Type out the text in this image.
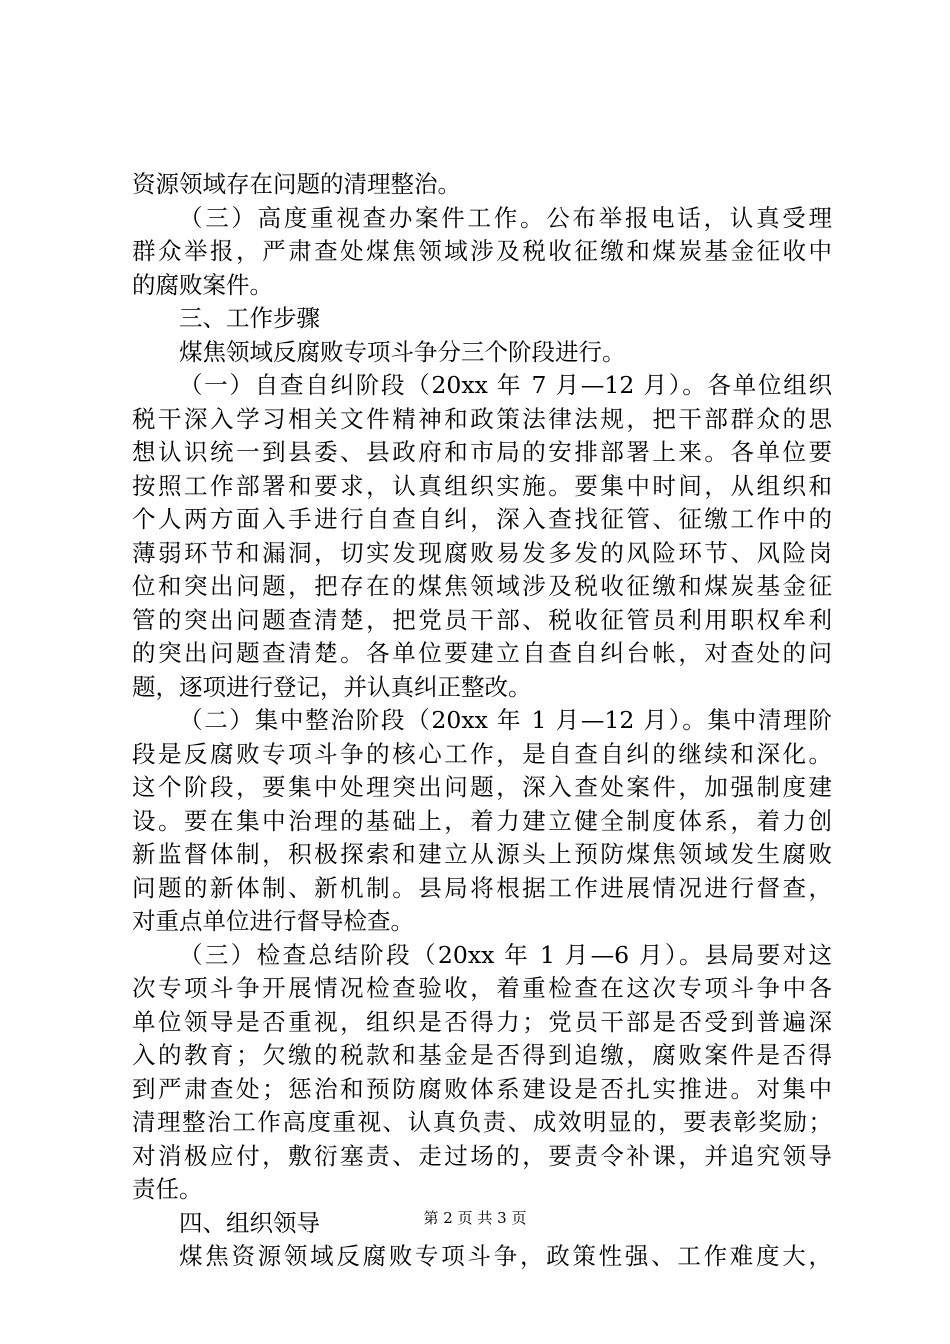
资源领域存在问题的清理整治。
（三）高度重视查办案件工作。公布举报电话，认真受理
群众举报，严肃查处煤焦领域涉及税收征缴和煤炭基金征收中
的腐败案件。
三、工作步骤
煤焦领域反腐败专项斗争分三个阶段进行。
（一）自查自纠阶段（20xx 年 7 月—12 月）。各单位组织
税干深入学习相关文件精神和政策法律法规，把干部群众的思
想认识统一到县委、县政府和市局的安排部署上来。各单位要
按照工作部署和要求，认真组织实施。要集中时间，从组织和
个人两方面入手进行自查自纠，深入查找征管、征缴工作中的
薄弱环节和漏洞，切实发现腐败易发多发的风险环节、风险岗
位和突出问题，把存在的煤焦领域涉及税收征缴和煤炭基金征
管的突出问题查清楚，把党员干部、税收征管员利用职权牟利
的突出问题查清楚。各单位要建立自查自纠台帐，对查处的问
题，逐项进行登记，并认真纠正整改。
（二）集中整治阶段（20xx 年 1 月—12 月）。集中清理阶
段是反腐败专项斗争的核心工作，是自查自纠的继续和深化。
这个阶段，要集中处理突出问题，深入查处案件，加强制度建
设。要在集中治理的基础上，着力建立健全制度体系，着力创
新监督体制，积极探索和建立从源头上预防煤焦领域发生腐败
问题的新体制、新机制。县局将根据工作进展情况进行督查，
对重点单位进行督导检查。
（三）检查总结阶段（20xx 年 1 月—6 月）。县局要对这
次专项斗争开展情况检查验收，着重检查在这次专项斗争中各
单位领导是否重视，组织是否得力；党员干部是否受到普遍深
入的教育；欠缴的税款和基金是否得到追缴，腐败案件是否得
到严肃查处；惩治和预防腐败体系建设是否扎实推进。对集中
清理整治工作高度重视、认真负责、成效明显的，要表彰奖励；
对消极应付，敷衍塞责、走过场的，要责令补课，并追究领导
责任。
四、组织领导
煤焦资源领域反腐败专项斗争，政策性强、工作难度大，
第 2 页 共 3 页
